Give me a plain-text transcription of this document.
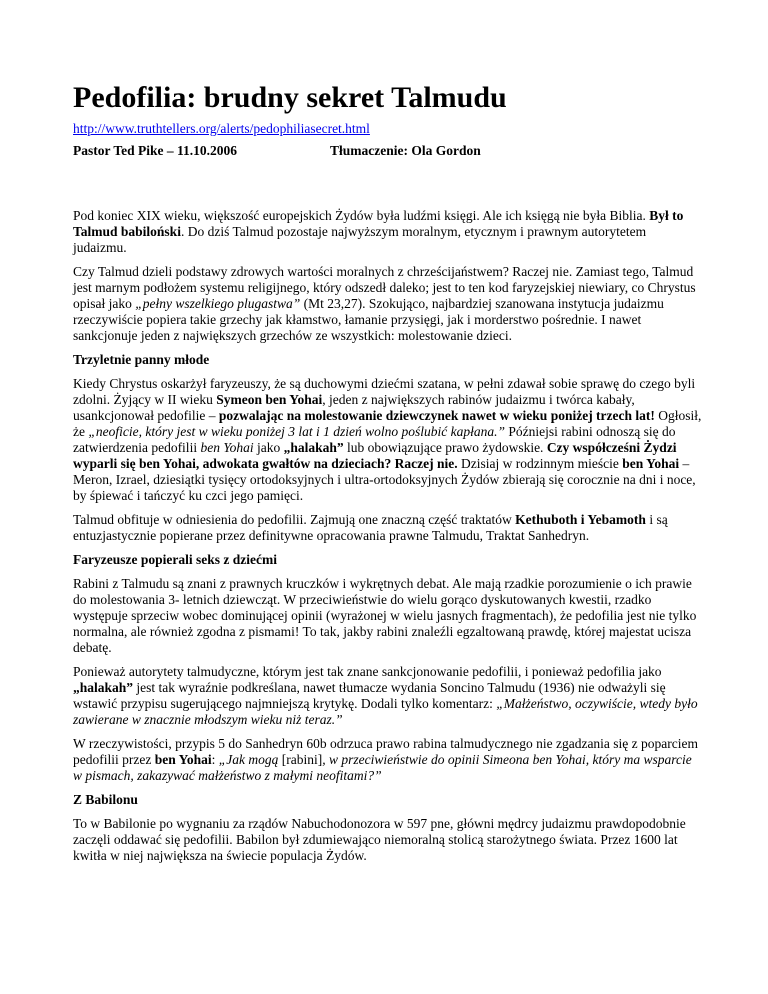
Pedofilia: brudny sekret Talmudu
http://www.truthtellers.org/alerts/pedophiliasecret.html
Pastor Ted Pike – 11.10.2006	Tłumaczenie: Ola Gordon

Pod koniec XIX wieku, większość europejskich Żydów była ludźmi księgi. Ale ich księgą nie była Biblia. Był to Talmud babiloński. Do dziś Talmud pozostaje najwyższym moralnym, etycznym i prawnym autorytetem judaizmu.

Czy Talmud dzieli podstawy zdrowych wartości moralnych z chrześcijaństwem? Raczej nie. Zamiast tego, Talmud jest marnym podłożem systemu religijnego, który odszedł daleko; jest to ten kod faryzejskiej niewiary, co Chrystus opisał jako „pełny wszelkiego plugastwa” (Mt 23,27). Szokująco, najbardziej szanowana instytucja judaizmu rzeczywiście popiera takie grzechy jak kłamstwo, łamanie przysięgi, jak i morderstwo pośrednie. I nawet sankcjonuje jeden z największych grzechów ze wszystkich: molestowanie dzieci.

Trzyletnie panny młode

Kiedy Chrystus oskarżył faryzeuszy, że są duchowymi dziećmi szatana, w pełni zdawał sobie sprawę do czego byli zdolni. Żyjący w II wieku Symeon ben Yohai, jeden z największych rabinów judaizmu i twórca kabały, usankcjonował pedofilie – pozwalając na molestowanie dziewczynek nawet w wieku poniżej trzech lat! Ogłosił, że „neoficie, który jest w wieku poniżej 3 lat i 1 dzień wolno poślubić kapłana.” Późniejsi rabini odnoszą się do zatwierdzenia pedofilii ben Yohai jako „halakah” lub obowiązujące prawo żydowskie. Czy współcześni Żydzi wyparli się ben Yohai, adwokata gwałtów na dzieciach? Raczej nie. Dzisiaj w rodzinnym mieście ben Yohai – Meron, Izrael, dziesiątki tysięcy ortodoksyjnych i ultra-ortodoksyjnych Żydów zbierają się corocznie na dni i noce, by śpiewać i tańczyć ku czci jego pamięci.

Talmud obfituje w odniesienia do pedofilii. Zajmują one znaczną część traktatów Kethuboth i Yebamoth i są entuzjastycznie popierane przez definitywne opracowania prawne Talmudu, Traktat Sanhedryn.

Faryzeusze popierali seks z dziećmi

Rabini z Talmudu są znani z prawnych kruczków i wykrętnych debat. Ale mają rzadkie porozumienie o ich prawie do molestowania 3- letnich dziewcząt. W przeciwieństwie do wielu gorąco dyskutowanych kwestii, rzadko występuje sprzeciw wobec dominującej opinii (wyrażonej w wielu jasnych fragmentach), że pedofilia jest nie tylko normalna, ale również zgodna z pismami! To tak, jakby rabini znaleźli egzaltowaną prawdę, której majestat ucisza debatę.

Ponieważ autorytety talmudyczne, którym jest tak znane sankcjonowanie pedofilii, i ponieważ pedofilia jako „halakah” jest tak wyraźnie podkreślana, nawet tłumacze wydania Soncino Talmudu (1936) nie odważyli się wstawić przypisu sugerującego najmniejszą krytykę. Dodali tylko komentarz: „Małżeństwo, oczywiście, wtedy było zawierane w znacznie młodszym wieku niż teraz.”

W rzeczywistości, przypis 5 do Sanhedryn 60b odrzuca prawo rabina talmudycznego nie zgadzania się z poparciem pedofilii przez ben Yohai: „Jak mogą [rabini], w przeciwieństwie do opinii Simeona ben Yohai, który ma wsparcie w pismach, zakazywać małżeństwo z małymi neofitami?”

Z Babilonu

To w Babilonie po wygnaniu za rządów Nabuchodonozora w 597 pne, główni mędrcy judaizmu prawdopodobnie zaczęli oddawać się pedofilii. Babilon był zdumiewająco niemoralną stolicą starożytnego świata. Przez 1600 lat kwitła w niej największa na świecie populacja Żydów.
